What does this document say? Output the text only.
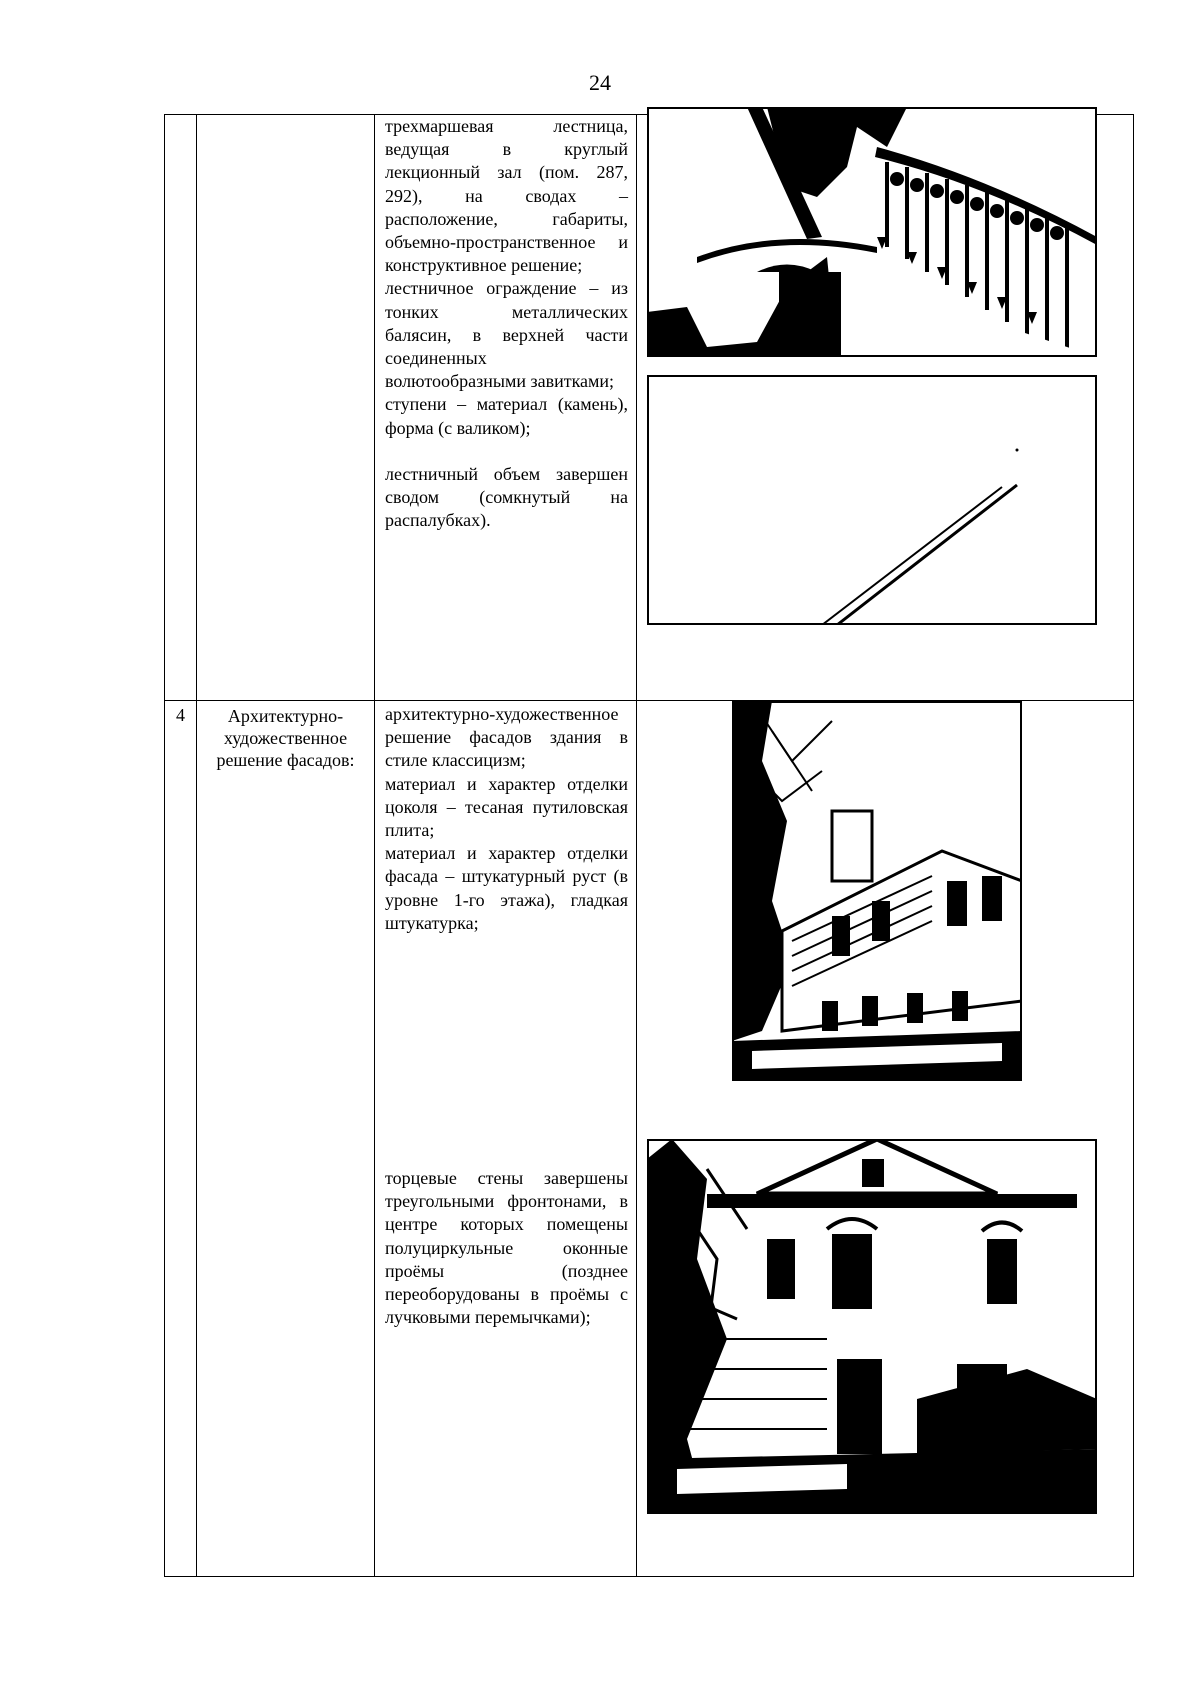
24

		трехмаршевая лестница, ведущая в круглый лекционный зал (пом. 287, 292), на сводах – расположение, габариты, объемно-пространственное и конструктивное решение;

лестничное ограждение – из тонких металлических балясин, в верхней части соединенных волютообразными завитками;

ступени – материал (камень), форма (с валиком);

лестничный объем завершен сводом (сомкнутый на распалубках).

4	Архитектурно-художественное решение фасадов:	архитектурно-художественное решение фасадов здания в стиле классицизм;

материал и характер отделки цоколя – тесаная путиловская плита;

материал и характер отделки фасада – штукатурный руст (в уровне 1-го этажа), гладкая штукатурка;

торцевые стены завершены треугольными фронтонами, в центре которых помещены полуциркульные оконные проёмы (позднее переоборудованы в проёмы с лучковыми перемычками);
